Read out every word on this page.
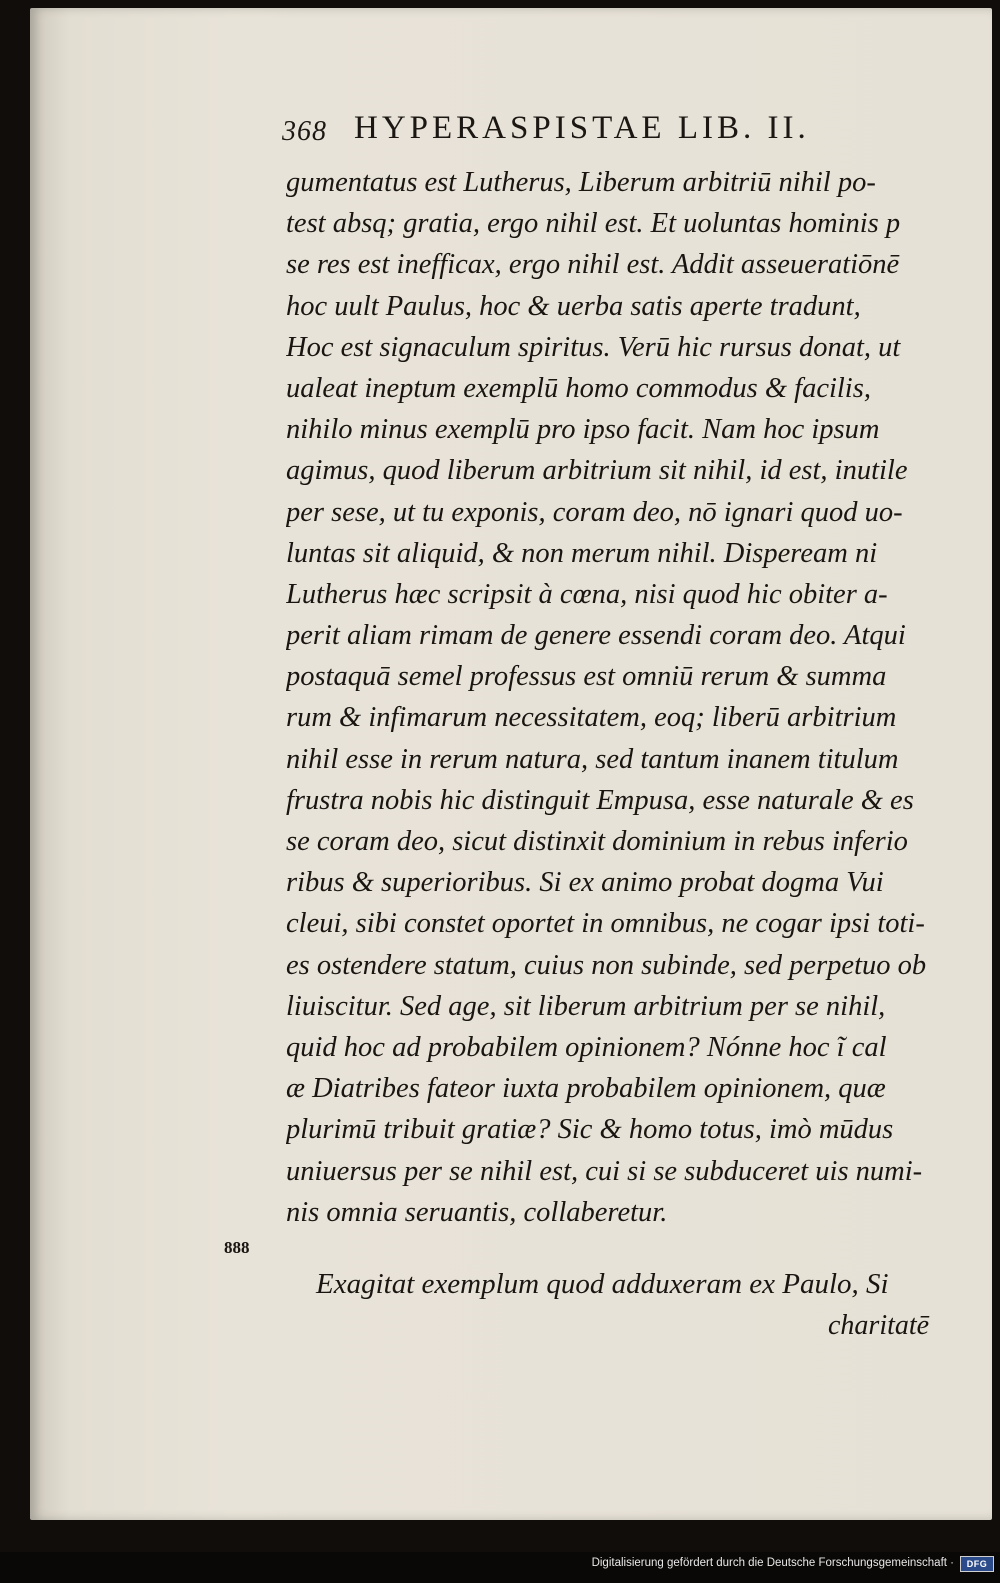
368 HYPERASPISTAE LIB. II.
gumentatus est Lutherus, Liberum arbitriū nihil po-
test absq; gratia, ergo nihil est. Et uoluntas hominis p
se res est inefficax, ergo nihil est. Addit asseueratiōnē
hoc uult Paulus, hoc & uerba satis aperte tradunt,
Hoc est signaculum spiritus. Verū hic rursus donat, ut
ualeat ineptum exemplū homo commodus & facilis,
nihilo minus exemplū pro ipso facit. Nam hoc ipsum
agimus, quod liberum arbitrium sit nihil, id est, inutile
per sese, ut tu exponis, coram deo, nō ignari quod uo-
luntas sit aliquid, & non merum nihil. Dispeream ni
Lutherus hæc scripsit à cœna, nisi quod hic obiter a-
perit aliam rimam de genere essendi coram deo. Atqui
postaquā semel professus est omniū rerum & summa
rum & infimarum necessitatem, eoq; liberū arbitrium
nihil esse in rerum natura, sed tantum inanem titulum
frustra nobis hic distinguit Empusa, esse naturale & es
se coram deo, sicut distinxit dominium in rebus inferio
ribus & superioribus. Si ex animo probat dogma Vui
cleui, sibi constet oportet in omnibus, ne cogar ipsi toti-
es ostendere statum, cuius non subinde, sed perpetuo ob
liuiscitur. Sed age, sit liberum arbitrium per se nihil,
quid hoc ad probabilem opinionem? Nónne hoc ĩ cal
æ Diatribes fateor iuxta probabilem opinionem, quæ
plurimū tribuit gratiæ? Sic & homo totus, imò mūdus
uniuersus per se nihil est, cui si se subduceret uis numi-
nis omnia seruantis, collaberetur.
888
Exagitat exemplum quod adduxeram ex Paulo, Si
charitatē
Digitalisierung gefördert durch die Deutsche Forschungsgemeinschaft ·	DFG
